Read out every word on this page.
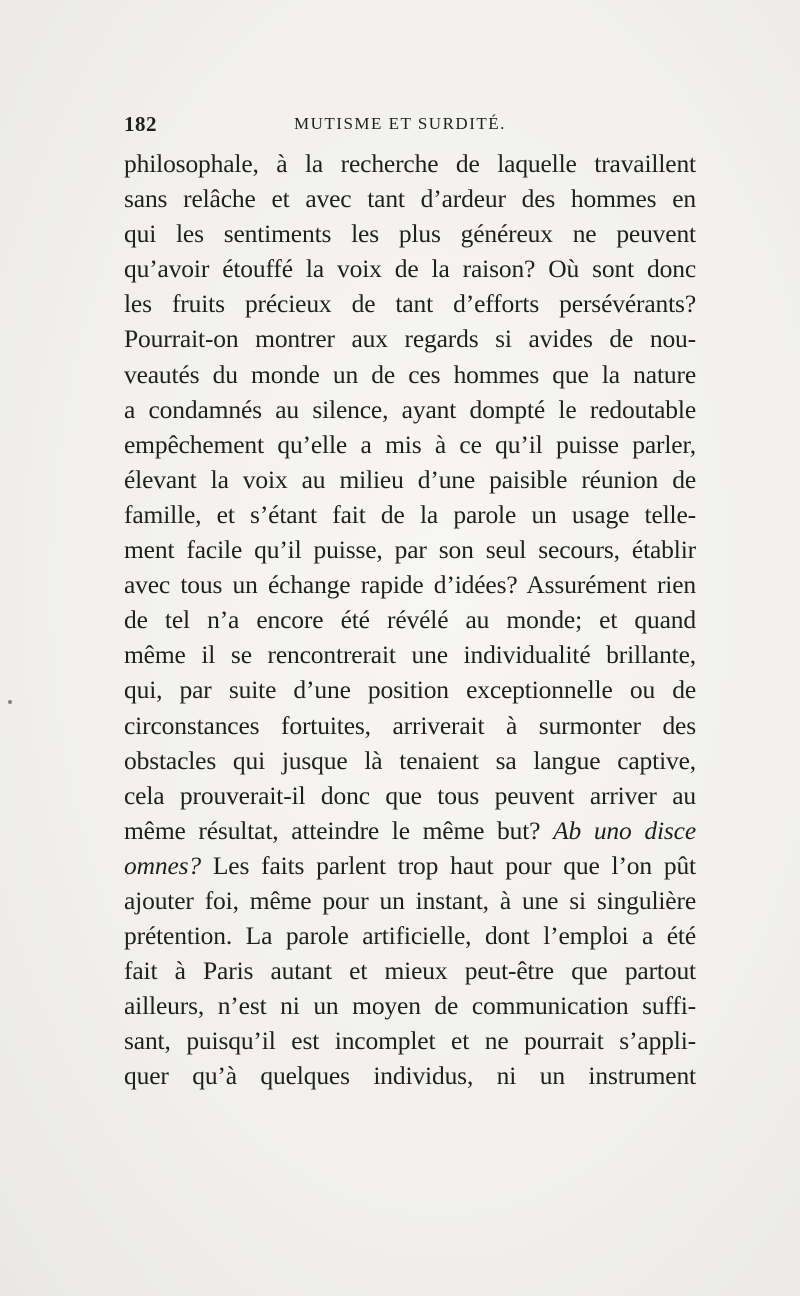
182	MUTISME ET SURDITÉ.
philosophale, à la recherche de laquelle travaillent
sans relâche et avec tant d’ardeur des hommes en
qui les sentiments les plus généreux ne peuvent
qu’avoir étouffé la voix de la raison? Où sont donc
les fruits précieux de tant d’efforts persévérants?
Pourrait-on montrer aux regards si avides de nou-
veautés du monde un de ces hommes que la nature
a condamnés au silence, ayant dompté le redoutable
empêchement qu’elle a mis à ce qu’il puisse parler,
élevant la voix au milieu d’une paisible réunion de
famille, et s’étant fait de la parole un usage telle-
ment facile qu’il puisse, par son seul secours, établir
avec tous un échange rapide d’idées? Assurément rien
de tel n’a encore été révélé au monde; et quand
même il se rencontrerait une individualité brillante,
qui, par suite d’une position exceptionnelle ou de
circonstances fortuites, arriverait à surmonter des
obstacles qui jusque là tenaient sa langue captive,
cela prouverait-il donc que tous peuvent arriver au
même résultat, atteindre le même but? Ab uno disce
omnes? Les faits parlent trop haut pour que l’on pût
ajouter foi, même pour un instant, à une si singulière
prétention. La parole artificielle, dont l’emploi a été
fait à Paris autant et mieux peut-être que partout
ailleurs, n’est ni un moyen de communication suffi-
sant, puisqu’il est incomplet et ne pourrait s’appli-
quer qu’à quelques individus, ni un instrument
